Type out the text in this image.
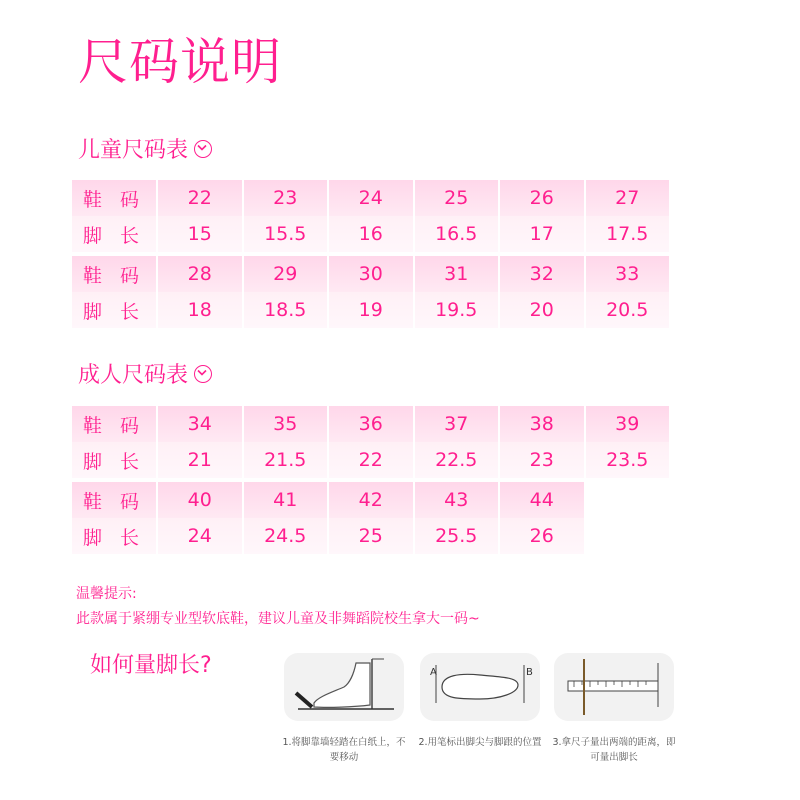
尺码说明
儿童尺码表
鞋 码	22	23	24	25	26	27
脚 长	15	15.5	16	16.5	17	17.5
鞋 码	28	29	30	31	32	33
脚 长	18	18.5	19	19.5	20	20.5
成人尺码表
鞋 码	34	35	36	37	38	39
脚 长	21	21.5	22	22.5	23	23.5
鞋 码	40	41	42	43	44	
脚 长	24	24.5	25	25.5	26	
温馨提示:
此款属于紧绷专业型软底鞋，建议儿童及非舞蹈院校生拿大一码~
如何量脚长?	A	B
1.将脚靠墙轻踏在白纸上，不要移动
2.用笔标出脚尖与脚跟的位置	3.拿尺子量出两端的距离，即可量出脚长
